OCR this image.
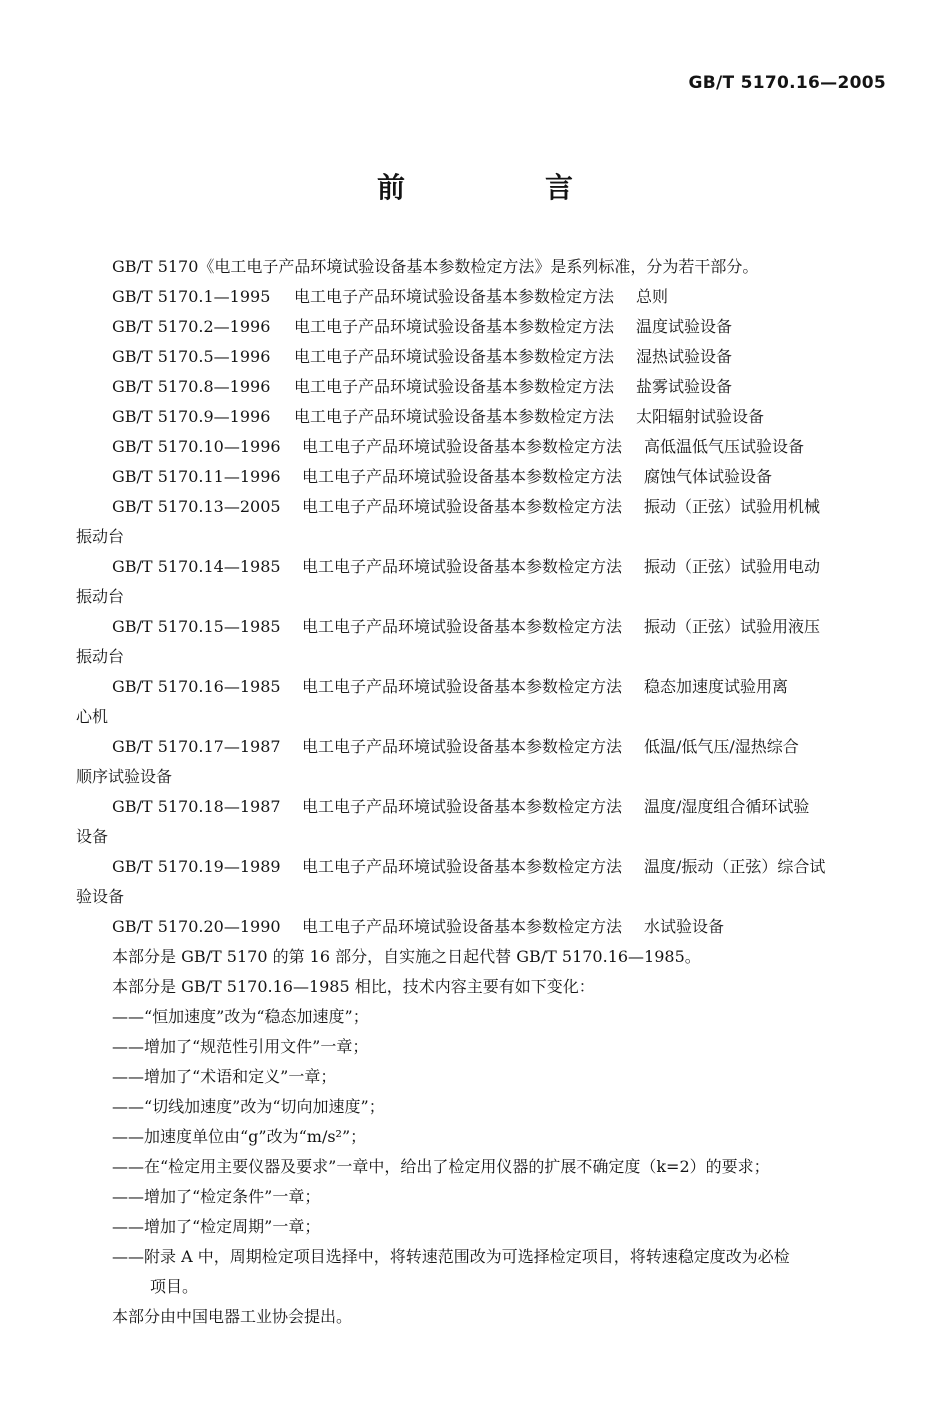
GB/T 5170.16—2005
前　言

GB/T 5170《电工电子产品环境试验设备基本参数检定方法》是系列标准，分为若干部分。

GB/T 5170.1—1995	电工电子产品环境试验设备基本参数检定方法 总则
GB/T 5170.2—1996	电工电子产品环境试验设备基本参数检定方法 温度试验设备
GB/T 5170.5—1996	电工电子产品环境试验设备基本参数检定方法 湿热试验设备
GB/T 5170.8—1996	电工电子产品环境试验设备基本参数检定方法 盐雾试验设备
GB/T 5170.9—1996	电工电子产品环境试验设备基本参数检定方法 太阳辐射试验设备
GB/T 5170.10—1996	电工电子产品环境试验设备基本参数检定方法 高低温低气压试验设备
GB/T 5170.11—1996	电工电子产品环境试验设备基本参数检定方法 腐蚀气体试验设备
GB/T 5170.13—2005	电工电子产品环境试验设备基本参数检定方法 振动（正弦）试验用机械
振动台
GB/T 5170.14—1985	电工电子产品环境试验设备基本参数检定方法 振动（正弦）试验用电动
振动台
GB/T 5170.15—1985	电工电子产品环境试验设备基本参数检定方法 振动（正弦）试验用液压
振动台
GB/T 5170.16—1985	电工电子产品环境试验设备基本参数检定方法 稳态加速度试验用离
心机
GB/T 5170.17—1987	电工电子产品环境试验设备基本参数检定方法 低温/低气压/湿热综合
顺序试验设备
GB/T 5170.18—1987	电工电子产品环境试验设备基本参数检定方法 温度/湿度组合循环试验
设备
GB/T 5170.19—1989	电工电子产品环境试验设备基本参数检定方法 温度/振动（正弦）综合试
验设备
GB/T 5170.20—1990	电工电子产品环境试验设备基本参数检定方法 水试验设备

本部分是 GB/T 5170 的第 16 部分，自实施之日起代替 GB/T 5170.16—1985。

本部分是 GB/T 5170.16—1985 相比，技术内容主要有如下变化：

——“恒加速度”改为“稳态加速度”；
——增加了“规范性引用文件”一章；
——增加了“术语和定义”一章；
——“切线加速度”改为“切向加速度”；
——加速度单位由“g”改为“m/s²”；
——在“检定用主要仪器及要求”一章中，给出了检定用仪器的扩展不确定度（k=2）的要求；
——增加了“检定条件”一章；
——增加了“检定周期”一章；
——附录 A 中，周期检定项目选择中，将转速范围改为可选择检定项目，将转速稳定度改为必检
项目。

本部分由中国电器工业协会提出。
